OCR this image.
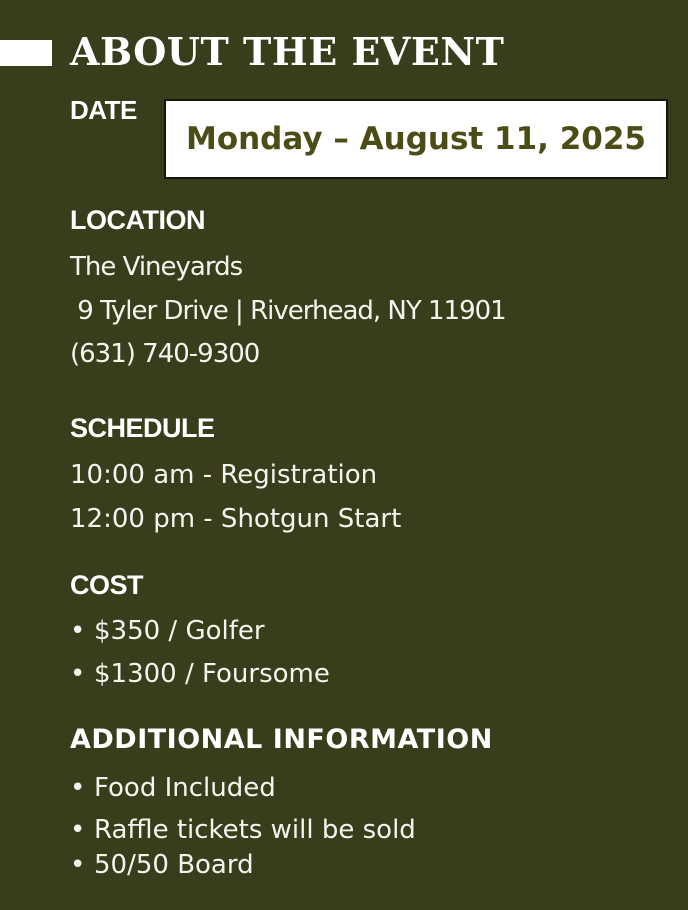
ABOUT THE EVENT
DATE
Monday – August 11, 2025
LOCATION

The Vineyards

9 Tyler Drive | Riverhead, NY 11901

(631) 740-9300

SCHEDULE

10:00 am - Registration

12:00 pm - Shotgun Start

COST

• $350 / Golfer

• $1300 / Foursome

ADDITIONAL INFORMATION

• Food Included

• Raffle tickets will be sold

• 50/50 Board
